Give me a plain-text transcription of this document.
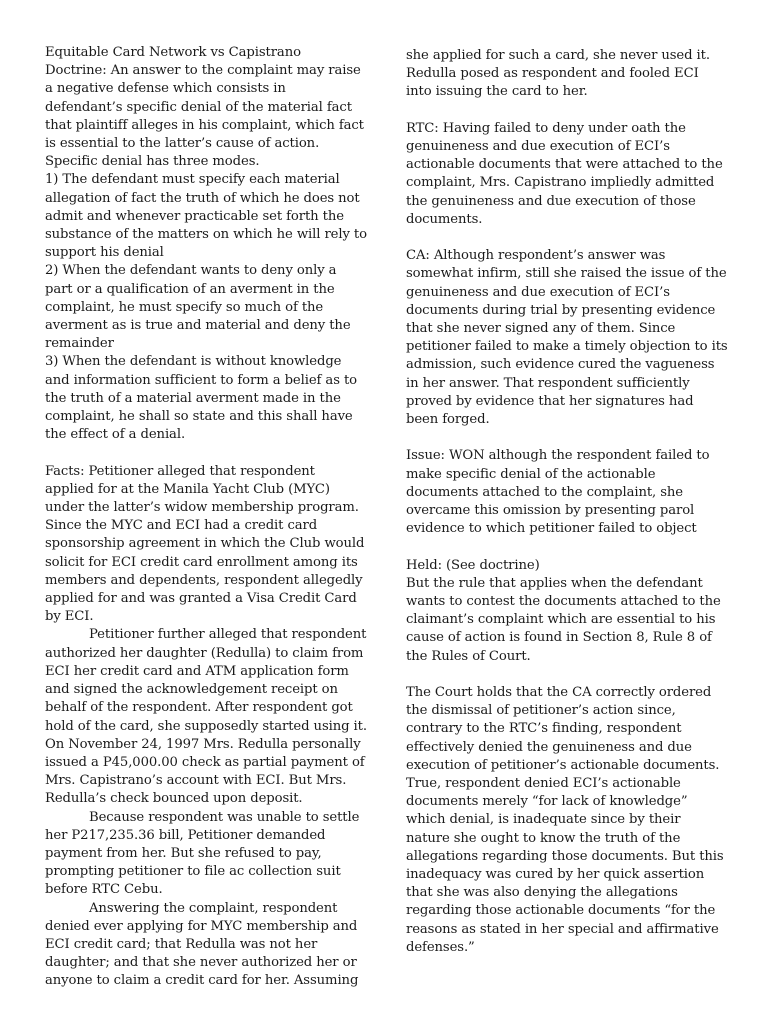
Equitable Card Network vs Capistrano

Doctrine: An answer to the complaint may raise a negative defense which consists in defendant’s specific denial of the material fact that plaintiff alleges in his complaint, which fact is essential to the latter’s cause of action. Specific denial has three modes.

1) The defendant must specify each material allegation of fact the truth of which he does not admit and whenever practicable set forth the substance of the matters on which he will rely to support his denial

2) When the defendant wants to deny only a part or a qualification of an averment in the complaint, he must specify so much of the averment as is true and material and deny the remainder

3) When the defendant is without knowledge and information sufficient to form a belief as to the truth of a material averment made in the complaint, he shall so state and this shall have the effect of a denial.

Facts: Petitioner alleged that respondent applied for at the Manila Yacht Club (MYC) under the latter’s widow membership program. Since the MYC and ECI had a credit card sponsorship agreement in which the Club would solicit for ECI credit card enrollment among its members and dependents, respondent allegedly applied for and was granted a Visa Credit Card by ECI.

Petitioner further alleged that respondent authorized her daughter (Redulla) to claim from ECI her credit card and ATM application form and signed the acknowledgement receipt on behalf of the respondent. After respondent got hold of the card, she supposedly started using it. On November 24, 1997 Mrs. Redulla personally issued a P45,000.00 check as partial payment of Mrs. Capistrano’s account with ECI. But Mrs. Redulla’s check bounced upon deposit.

Because respondent was unable to settle her P217,235.36 bill, Petitioner demanded payment from her. But she refused to pay, prompting petitioner to file ac collection suit before RTC Cebu.

Answering the complaint, respondent denied ever applying for MYC membership and ECI credit card; that Redulla was not her daughter; and that she never authorized her or anyone to claim a credit card for her. Assuming

she applied for such a card, she never used it. Redulla posed as respondent and fooled ECI into issuing the card to her.

RTC: Having failed to deny under oath the genuineness and due execution of ECI’s actionable documents that were attached to the complaint, Mrs. Capistrano impliedly admitted the genuineness and due execution of those documents.

CA: Although respondent’s answer was somewhat infirm, still she raised the issue of the genuineness and due execution of ECI’s documents during trial by presenting evidence that she never signed any of them. Since petitioner failed to make a timely objection to its admission, such evidence cured the vagueness in her answer. That respondent sufficiently proved by evidence that her signatures had been forged.

Issue: WON although the respondent failed to make specific denial of the actionable documents attached to the complaint, she overcame this omission by presenting parol evidence to which petitioner failed to object

Held: (See doctrine)

But the rule that applies when the defendant wants to contest the documents attached to the claimant’s complaint which are essential to his cause of action is found in Section 8, Rule 8 of the Rules of Court.

The Court holds that the CA correctly ordered the dismissal of petitioner’s action since, contrary to the RTC’s finding, respondent effectively denied the genuineness and due execution of petitioner’s actionable documents. True, respondent denied ECI’s actionable documents merely “for lack of knowledge” which denial, is inadequate since by their nature she ought to know the truth of the allegations regarding those documents. But this inadequacy was cured by her quick assertion that she was also denying the allegations regarding those actionable documents “for the reasons as stated in her special and affirmative defenses.”
